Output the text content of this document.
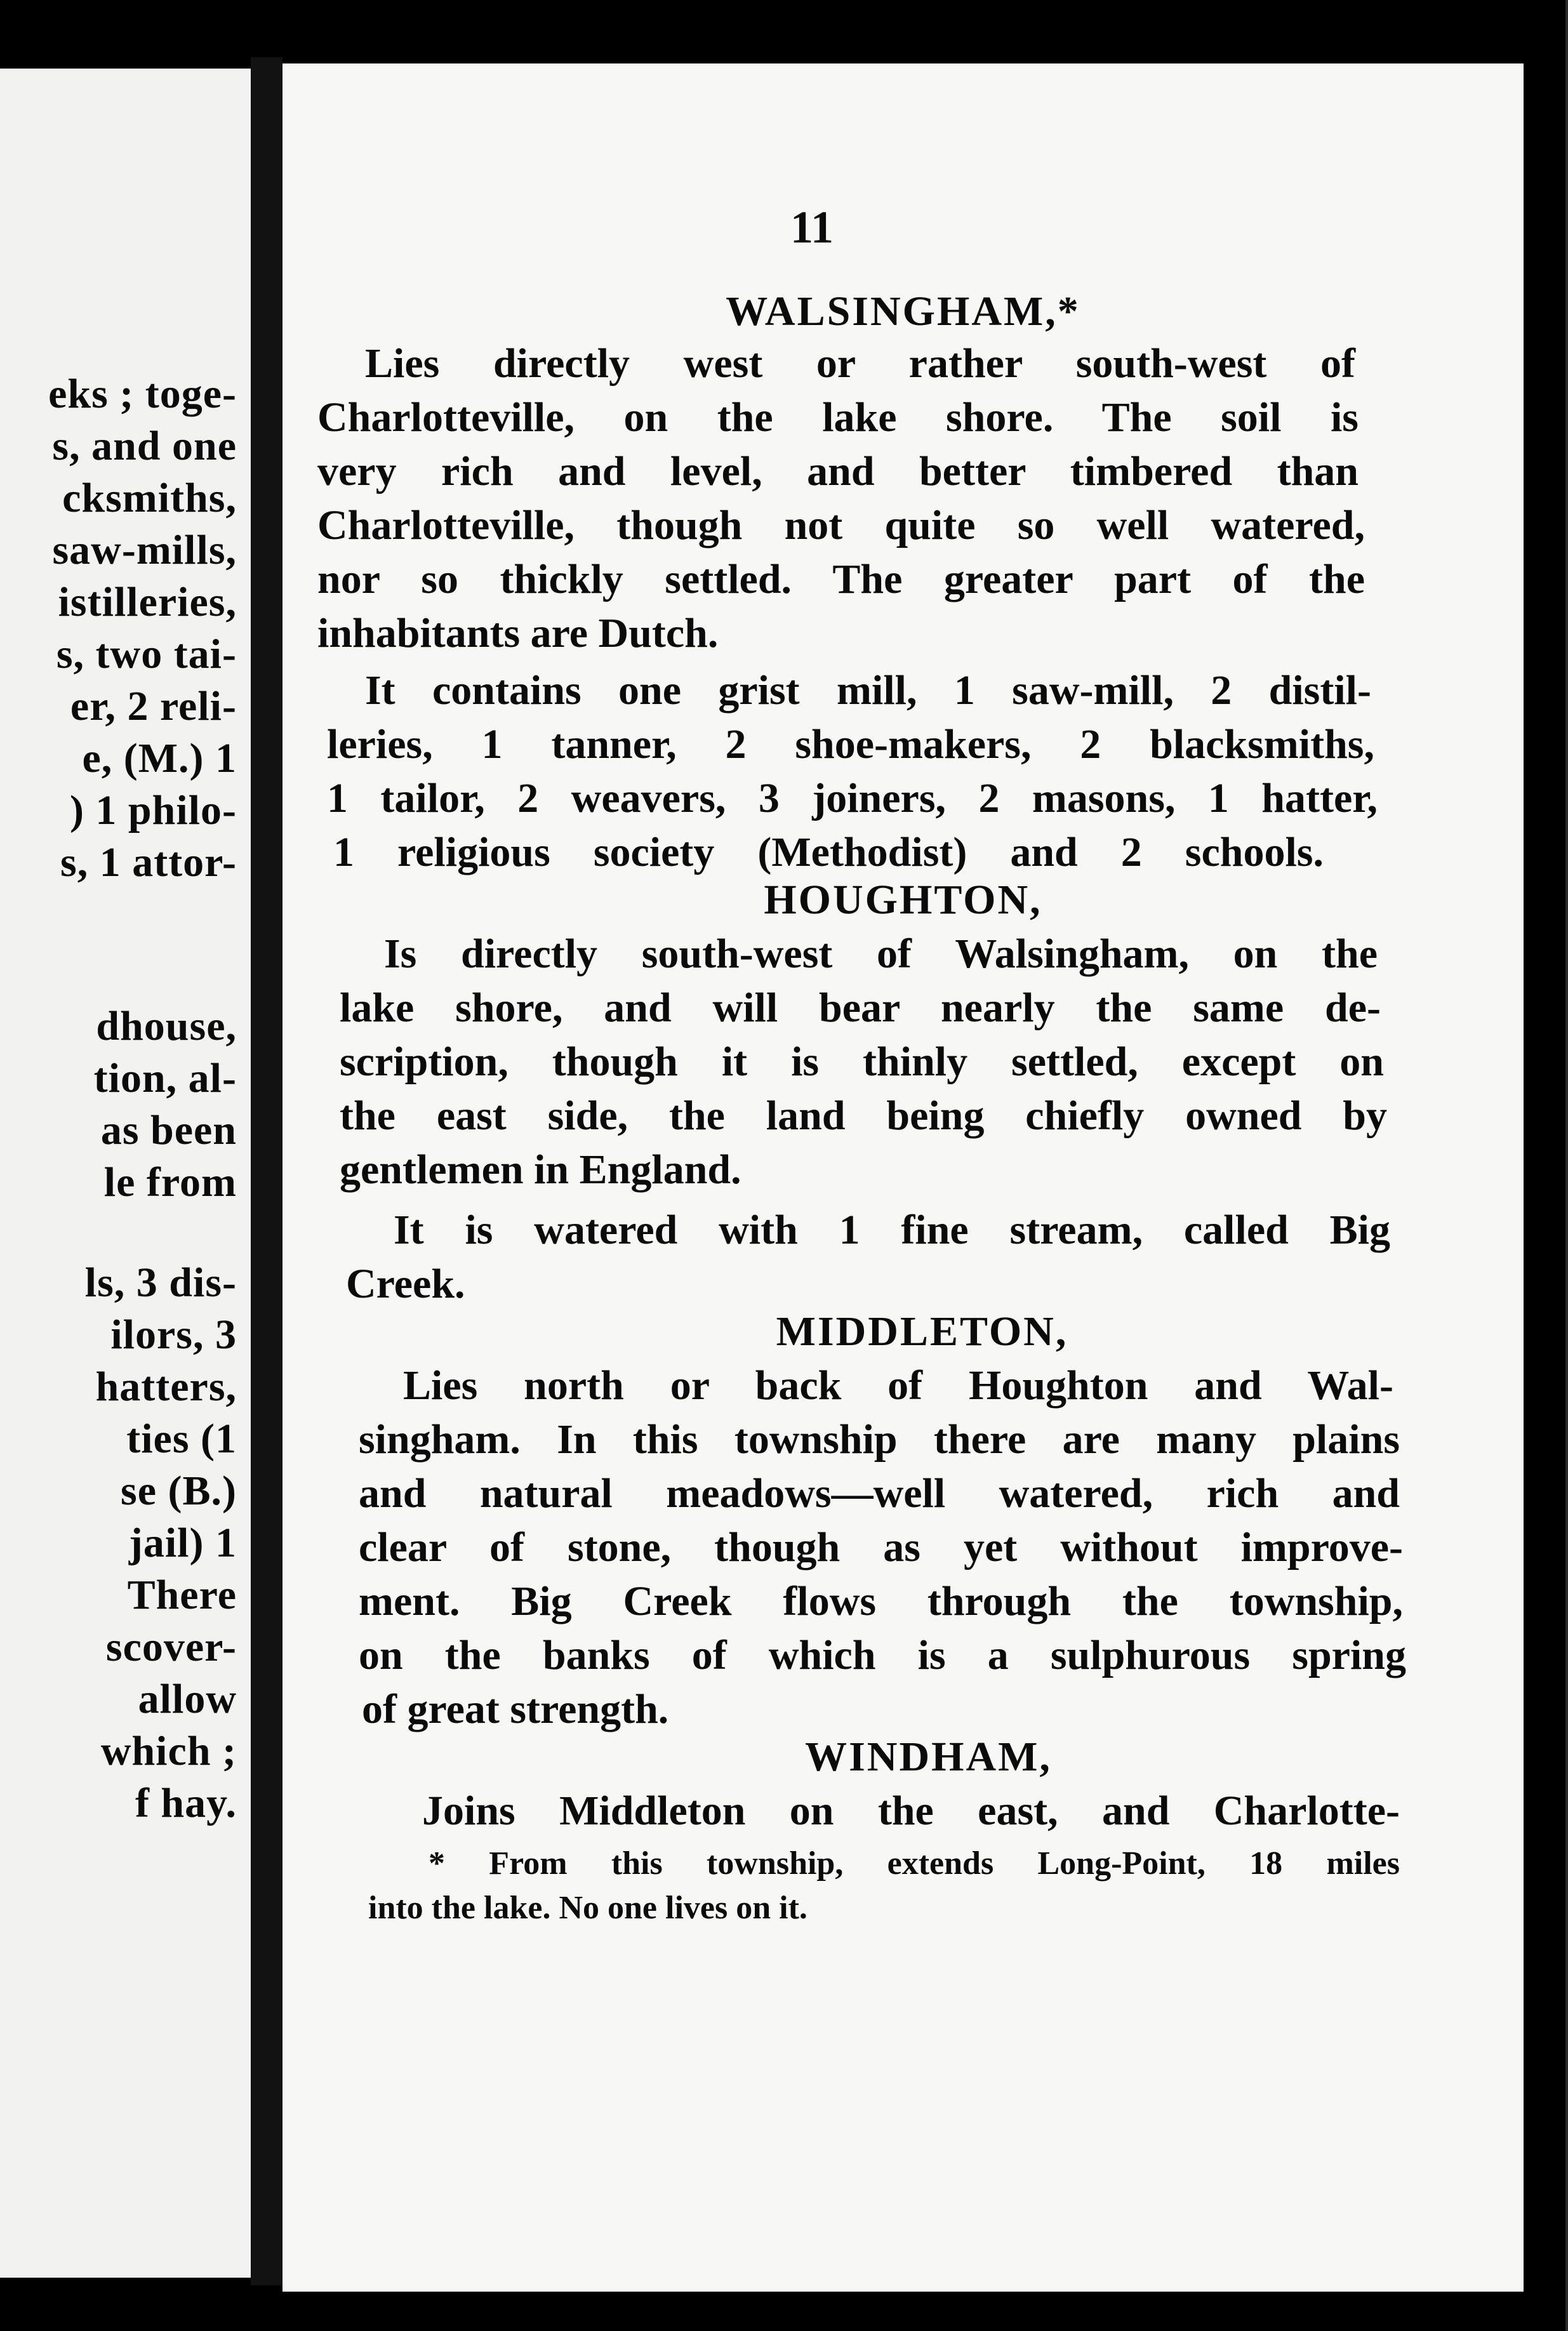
eks ; toge-
s, and one
cksmiths,
saw-mills,
istilleries,
s, two tai-
er, 2 reli-
e, (M.) 1
) 1 philo-
s, 1 attor-
dhouse,
tion, al-
as been
le from
ls, 3 dis-
ilors, 3
hatters,
ties (1
se (B.)
jail) 1
There
scover-
allow
which ;
f hay.
11
WALSINGHAM,*
Lies directly west or rather south-west of
Charlotteville, on the lake shore. The soil is
very rich and level, and better timbered than
Charlotteville, though not quite so well watered,
nor so thickly settled. The greater part of the
inhabitants are Dutch.
It contains one grist mill, 1 saw-mill, 2 distil-
leries, 1 tanner, 2 shoe-makers, 2 blacksmiths,
1 tailor, 2 weavers, 3 joiners, 2 masons, 1 hatter,
1 religious society (Methodist) and 2 schools.
HOUGHTON,
Is directly south-west of Walsingham, on the
lake shore, and will bear nearly the same de-
scription, though it is thinly settled, except on
the east side, the land being chiefly owned by
gentlemen in England.
It is watered with 1 fine stream, called Big
Creek.
MIDDLETON,
Lies north or back of Houghton and Wal-
singham. In this township there are many plains
and natural meadows—well watered, rich and
clear of stone, though as yet without improve-
ment. Big Creek flows through the township,
on the banks of which is a sulphurous spring
of great strength.
WINDHAM,
Joins Middleton on the east, and Charlotte-
* From this township, extends Long-Point, 18 miles
into the lake. No one lives on it.
